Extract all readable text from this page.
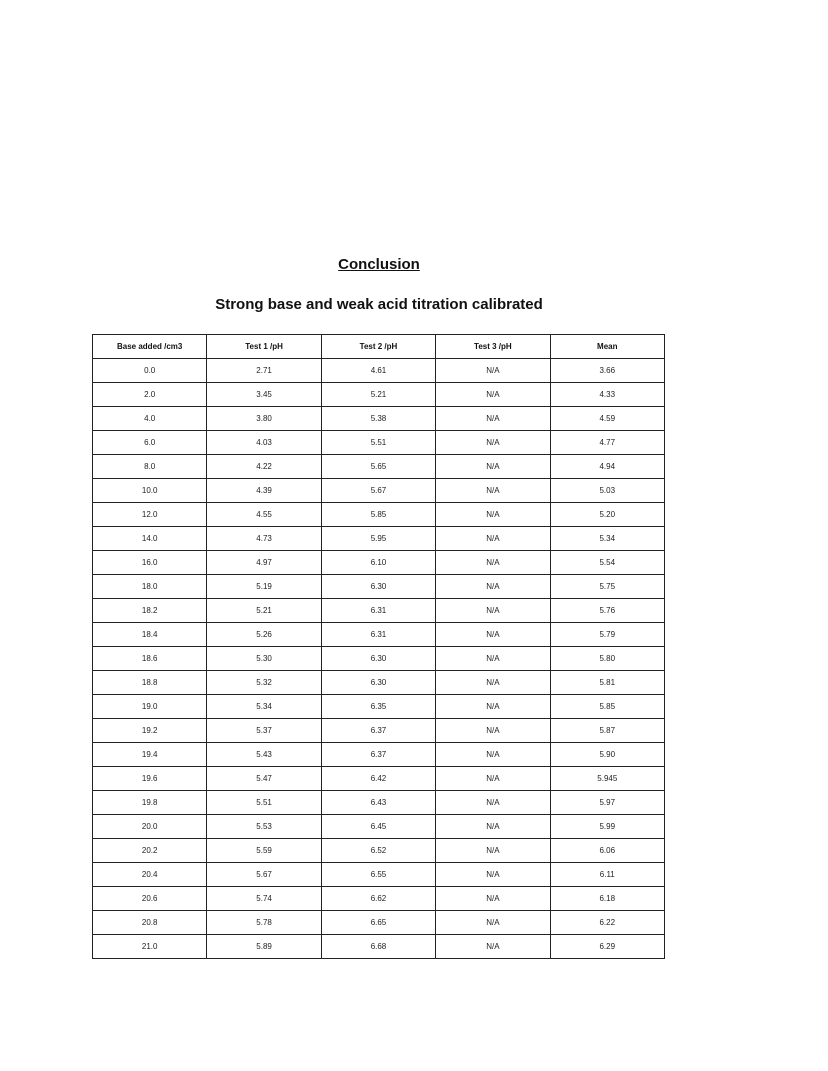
Conclusion
Strong base and weak acid titration calibrated
Base added /cm3	Test 1 /pH	Test 2 /pH	Test 3 /pH	Mean
0.0	2.71	4.61	N/A	3.66
2.0	3.45	5.21	N/A	4.33
4.0	3.80	5.38	N/A	4.59
6.0	4.03	5.51	N/A	4.77
8.0	4.22	5.65	N/A	4.94
10.0	4.39	5.67	N/A	5.03
12.0	4.55	5.85	N/A	5.20
14.0	4.73	5.95	N/A	5.34
16.0	4.97	6.10	N/A	5.54
18.0	5.19	6.30	N/A	5.75
18.2	5.21	6.31	N/A	5.76
18.4	5.26	6.31	N/A	5.79
18.6	5.30	6.30	N/A	5.80
18.8	5.32	6.30	N/A	5.81
19.0	5.34	6.35	N/A	5.85
19.2	5.37	6.37	N/A	5.87
19.4	5.43	6.37	N/A	5.90
19.6	5.47	6.42	N/A	5.945
19.8	5.51	6.43	N/A	5.97
20.0	5.53	6.45	N/A	5.99
20.2	5.59	6.52	N/A	6.06
20.4	5.67	6.55	N/A	6.11
20.6	5.74	6.62	N/A	6.18
20.8	5.78	6.65	N/A	6.22
21.0	5.89	6.68	N/A	6.29
